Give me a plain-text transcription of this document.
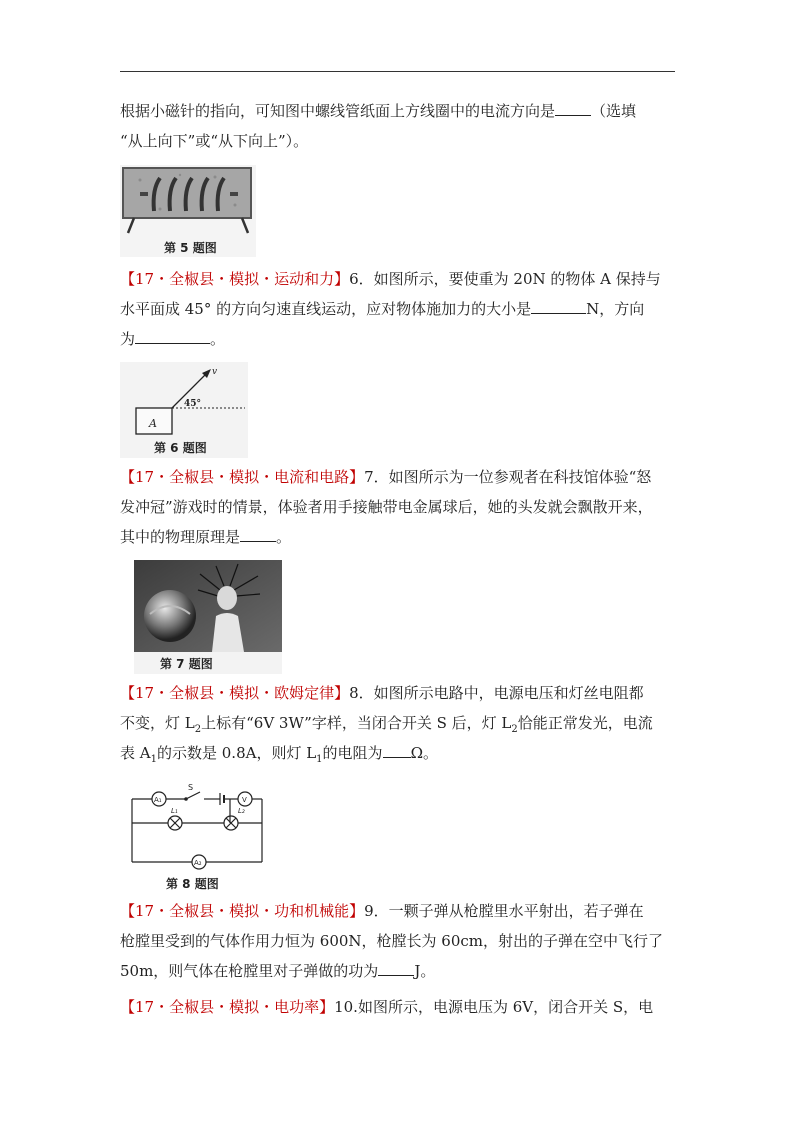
根据小磁针的指向，可知图中螺线管纸面上方线圈中的电流方向是 （选填

“从上向下”或“从下向上”）。

第 5 题图

【17・全椒县・模拟・运动和力】6．如图所示，要使重为 20N 的物体 A 保持与

水平面成 45° 的方向匀速直线运动，应对物体施加力的大小是	N，方向

为	。

A
v
45°
第 6 题图

【17・全椒县・模拟・电流和电路】7．如图所示为一位参观者在科技馆体验“怒

发冲冠”游戏时的情景，体验者用手接触带电金属球后，她的头发就会飘散开来，

其中的物理原理是 。

第 7 题图

【17・全椒县・模拟・欧姆定律】8．如图所示电路中，电源电压和灯丝电阻都

不变，灯 $L_2$上标有“6V 3W”字样，当闭合开关 S 后，灯 $L_2$恰能正常发光，电流

表 $A_1$的示数是 0.8A，则灯 $L_1$的电阻为 Ω。

A₁	V
A₂
S
L₁	L₂
第 8 题图

【17・全椒县・模拟・功和机械能】9．一颗子弹从枪膛里水平射出，若子弹在

枪膛里受到的气体作用力恒为 600N，枪膛长为 60cm，射出的子弹在空中飞行了

50m，则气体在枪膛里对子弹做的功为 J。

【17・全椒县・模拟・电功率】10.如图所示，电源电压为 6V，闭合开关 S，电
